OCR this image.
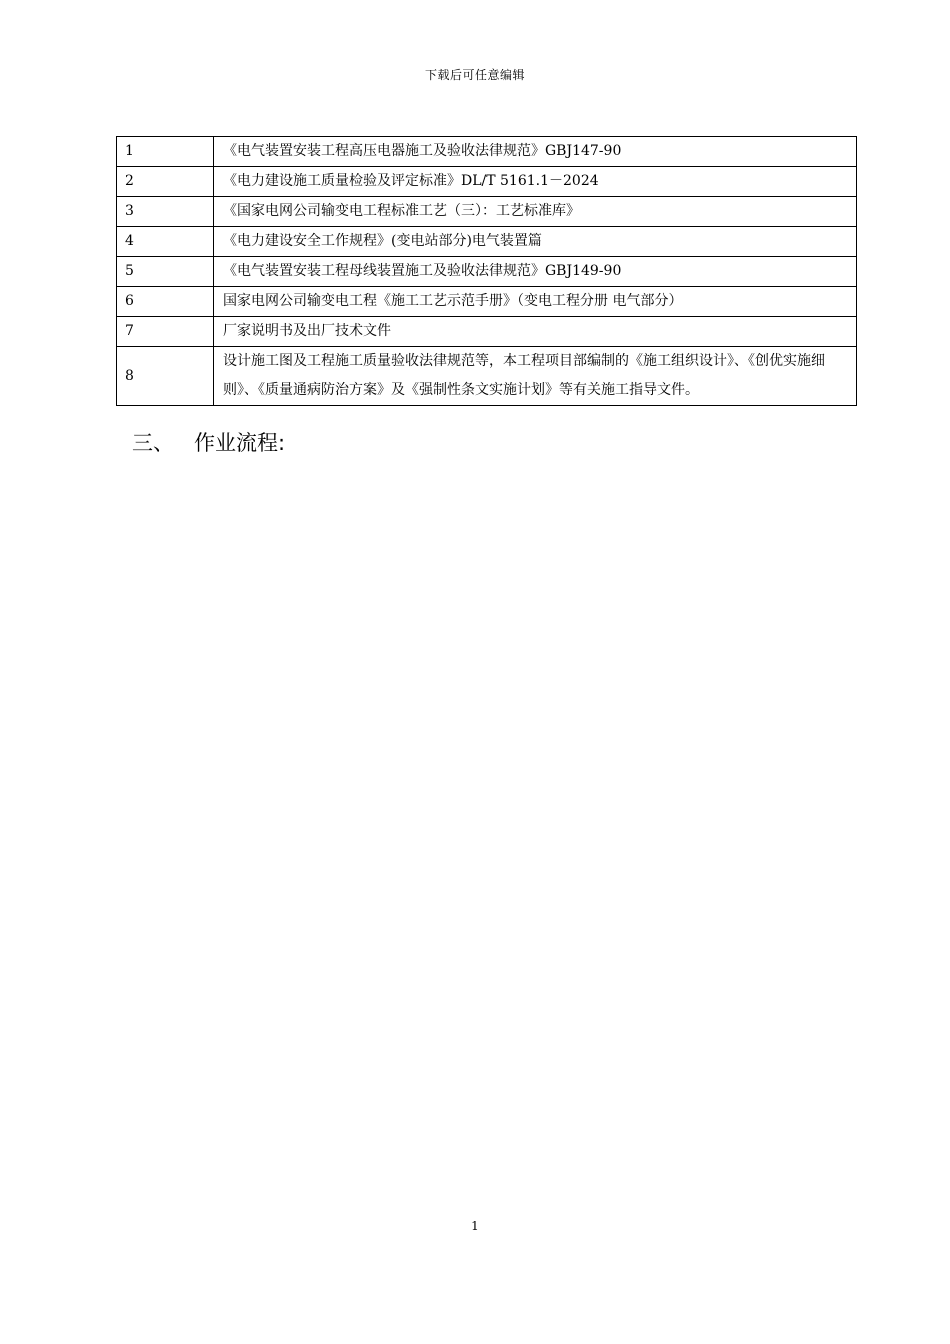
下载后可任意编辑
1	《电气装置安装工程高压电器施工及验收法律规范》GBJ147-90
2	《电力建设施工质量检验及评定标准》DL/T 5161.1－2024
3	《国家电网公司输变电工程标准工艺（三）：工艺标准库》
4	《电力建设安全工作规程》(变电站部分)电气装置篇
5	《电气装置安装工程母线装置施工及验收法律规范》GBJ149-90
6	国家电网公司输变电工程《施工工艺示范手册》（变电工程分册 电气部分）
7	厂家说明书及出厂技术文件
8	设计施工图及工程施工质量验收法律规范等，本工程项目部编制的《施工组织设计》、《创优实施细则》、《质量通病防治方案》及《强制性条文实施计划》等有关施工指导文件。
三、 作业流程:
1
